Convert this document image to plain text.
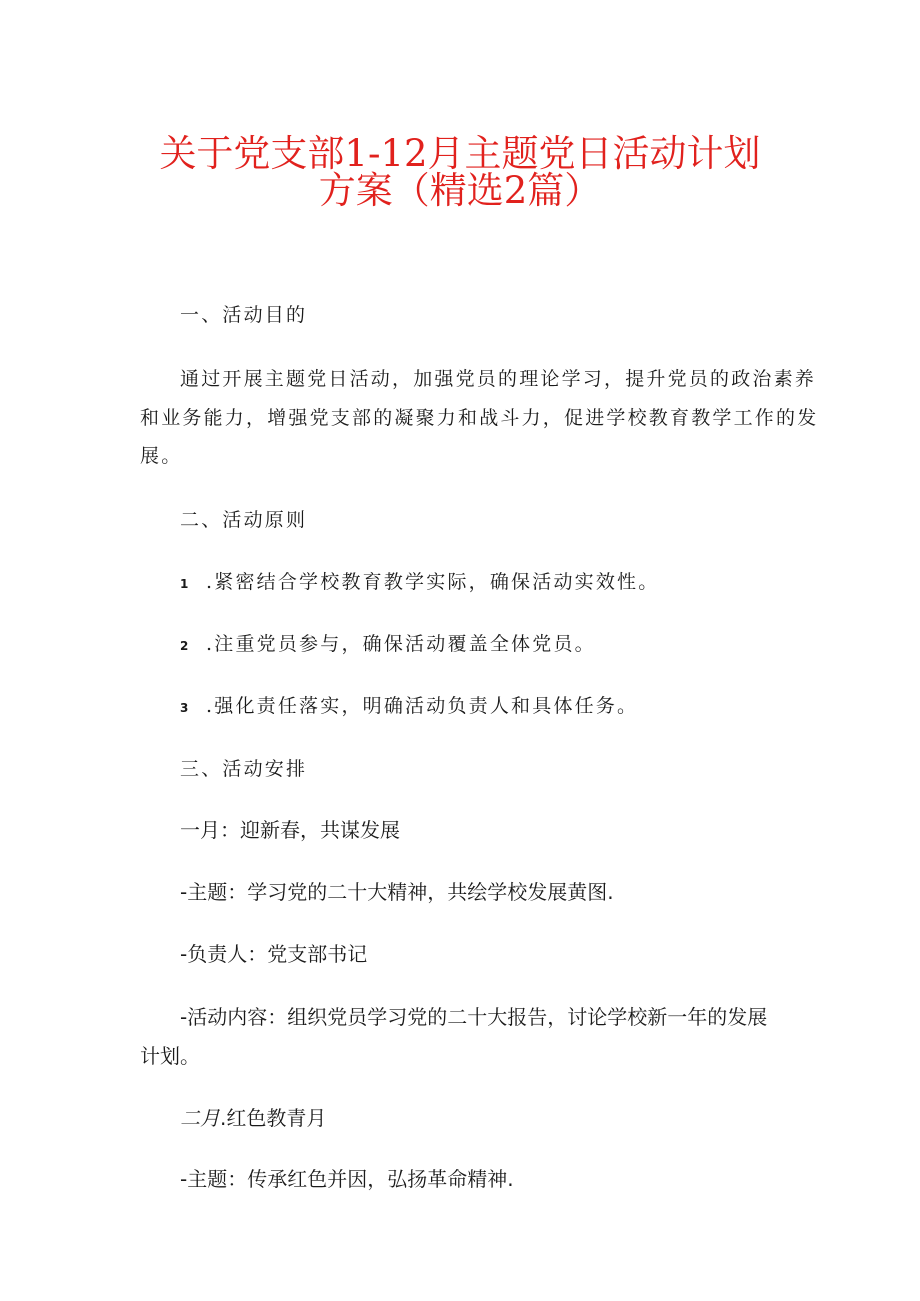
关于党支部1-12月主题党日活动计划
方案（精选2篇）
一、活动目的
通过开展主题党日活动，加强党员的理论学习，提升党员的政治素养
和业务能力，增强党支部的凝聚力和战斗力，促进学校教育教学工作的发
展。
二、活动原则
1 .紧密结合学校教育教学实际，确保活动实效性。
2 .注重党员参与，确保活动覆盖全体党员。
3 .强化责任落实，明确活动负责人和具体任务。
三、活动安排
一月：迎新春，共谋发展
-主题：学习党的二十大精神，共绘学校发展黄图.
-负责人：党支部书记
-活动内容：组织党员学习党的二十大报告，讨论学校新一年的发展
计划。
二月.红色教青月
-主题：传承红色并因，弘扬革命精神.
